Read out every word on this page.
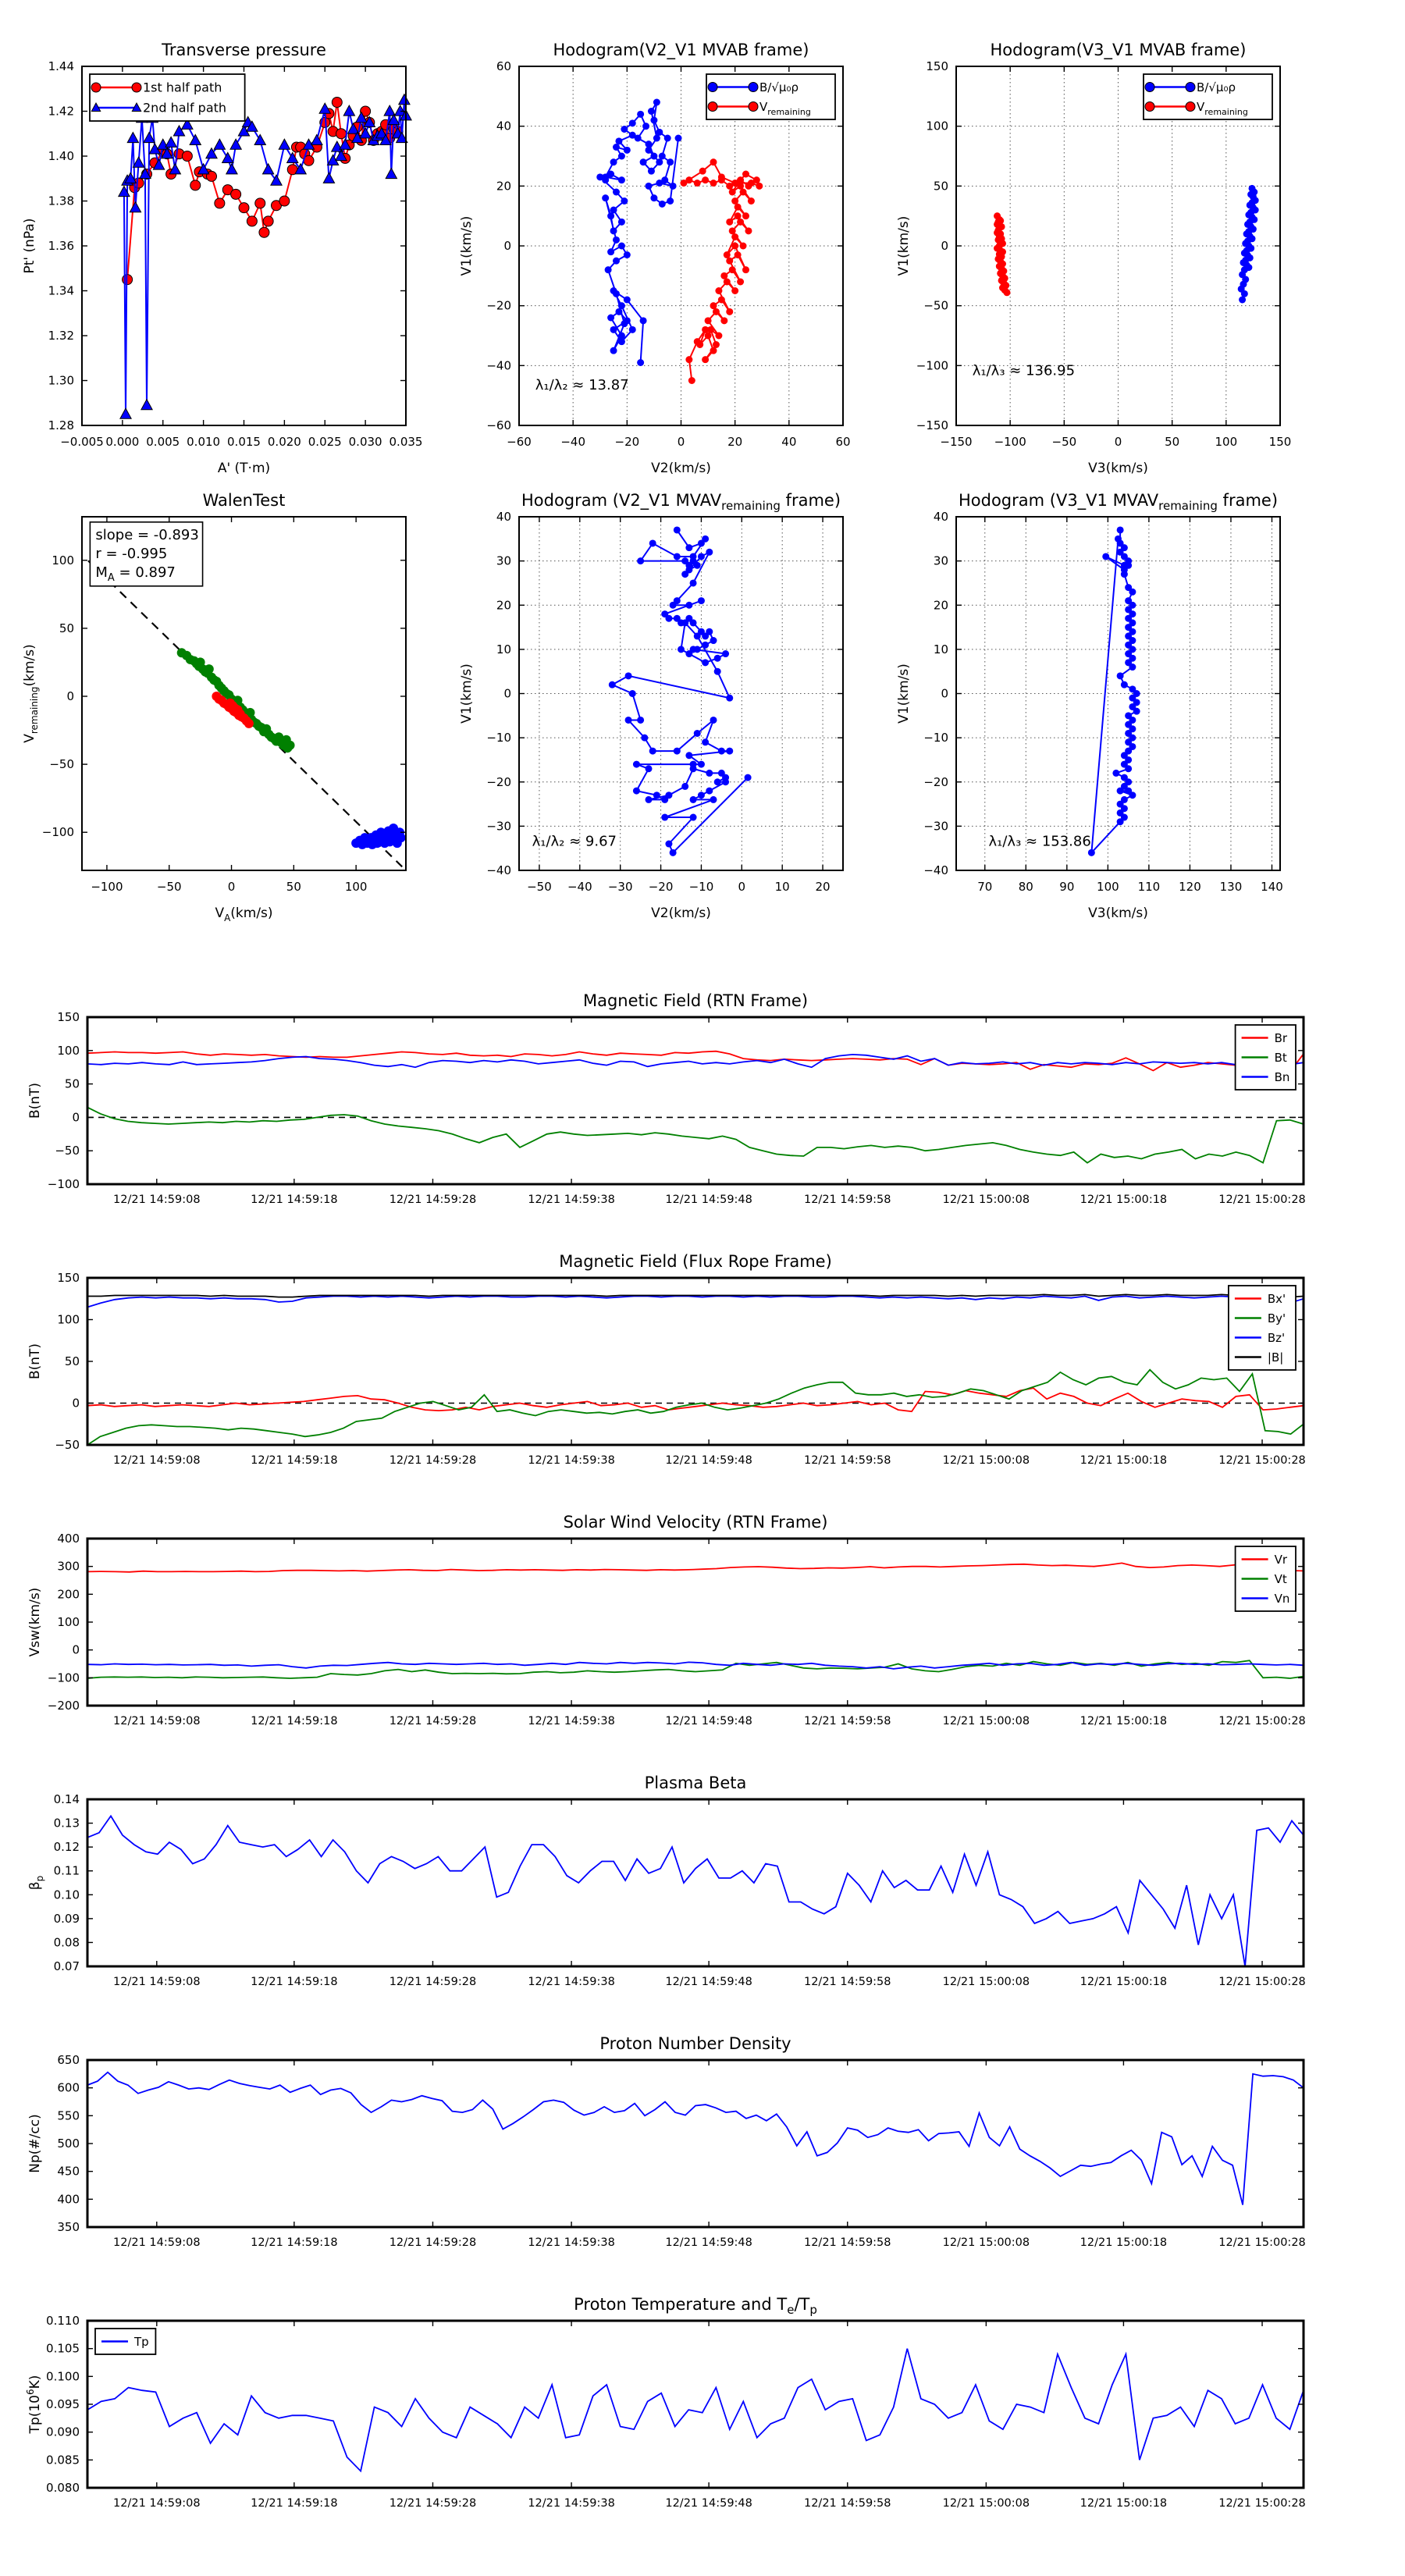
−0.005 0.000 0.005 0.010 0.015 0.020 0.025 0.030 0.035
1.28
1.30
1.32
1.34
1.36
1.38
1.40
1.42
1.44
Transverse pressure
A' (T·m)
Pt' (nPa)
1st half path
2nd half path
−60	−40	−20	0	20	40	60
−60
−40
−20
0
20
40
60
Hodogram(V2_V1 MVAB frame)
V2(km/s)
V1(km/s)
λ₁/λ₂ ≈ 13.87
B/√μ₀ρ
$V_{remaining}$
−150 −100 −50	0	50	100	150
−150
−100
−50
0
50
100
150
Hodogram(V3_V1 MVAB frame)
V3(km/s)
V1(km/s)
λ₁/λ₃ ≈ 136.95
B/√μ₀ρ
$V_{remaining}$
−100	−50	0	50	100
−100
−50
0
50
100
WalenTest
$V_A(km/s)$
$V_{remaining}(km/s)$
slope = -0.893
r = -0.995
$M_A = 0.897$
−50 −40 −30 −20 −10 0	10 20
−40
−30
−20
−10
0
10
20
30
40
Hodogram (V2_V1 $MVAV_{remaining}$ frame)
V2(km/s)
V1(km/s)
λ₁/λ₂ ≈ 9.67
70 80 90 100 110 120 130 140
−40
−30
−20
−10
0
10
20
30
40
Hodogram (V3_V1 $MVAV_{remaining}$ frame)
V3(km/s)
V1(km/s)
λ₁/λ₃ ≈ 153.86
12/21 14:59:08	12/21 14:59:18	12/21 14:59:28	12/21 14:59:38	12/21 14:59:48	12/21 14:59:58	12/21 15:00:08	12/21 15:00:18	12/21 15:00:28
−100
−50
0
50
100
150
Magnetic Field (RTN Frame)
B(nT)
Br
Bt
Bn
12/21 14:59:08	12/21 14:59:18	12/21 14:59:28	12/21 14:59:38	12/21 14:59:48	12/21 14:59:58	12/21 15:00:08	12/21 15:00:18	12/21 15:00:28
−50
0
50
100
150
Magnetic Field (Flux Rope Frame)
B(nT)
Bx'
By'
Bz'
|B|
12/21 14:59:08	12/21 14:59:18	12/21 14:59:28	12/21 14:59:38	12/21 14:59:48	12/21 14:59:58	12/21 15:00:08	12/21 15:00:18	12/21 15:00:28
−200
−100
0
100
200
300
400
Solar Wind Velocity (RTN Frame)
Vsw(km/s)
Vr
Vt
Vn
12/21 14:59:08	12/21 14:59:18	12/21 14:59:28	12/21 14:59:38	12/21 14:59:48	12/21 14:59:58	12/21 15:00:08	12/21 15:00:18	12/21 15:00:28
0.07
0.08
0.09
0.10
0.11
0.12
0.13
0.14
Plasma Beta
$\beta_p$
12/21 14:59:08	12/21 14:59:18	12/21 14:59:28	12/21 14:59:38	12/21 14:59:48	12/21 14:59:58	12/21 15:00:08	12/21 15:00:18	12/21 15:00:28
350
400
450
500
550
600
650
Proton Number Density
Np(#/cc)
12/21 14:59:08	12/21 14:59:18	12/21 14:59:28	12/21 14:59:38	12/21 14:59:48	12/21 14:59:58	12/21 15:00:08	12/21 15:00:18	12/21 15:00:28
0.080
0.085
0.090
0.095
0.100
0.105
0.110
Proton Temperature and $T_e/T_p$
$Tp(10^6K)$
Tp
